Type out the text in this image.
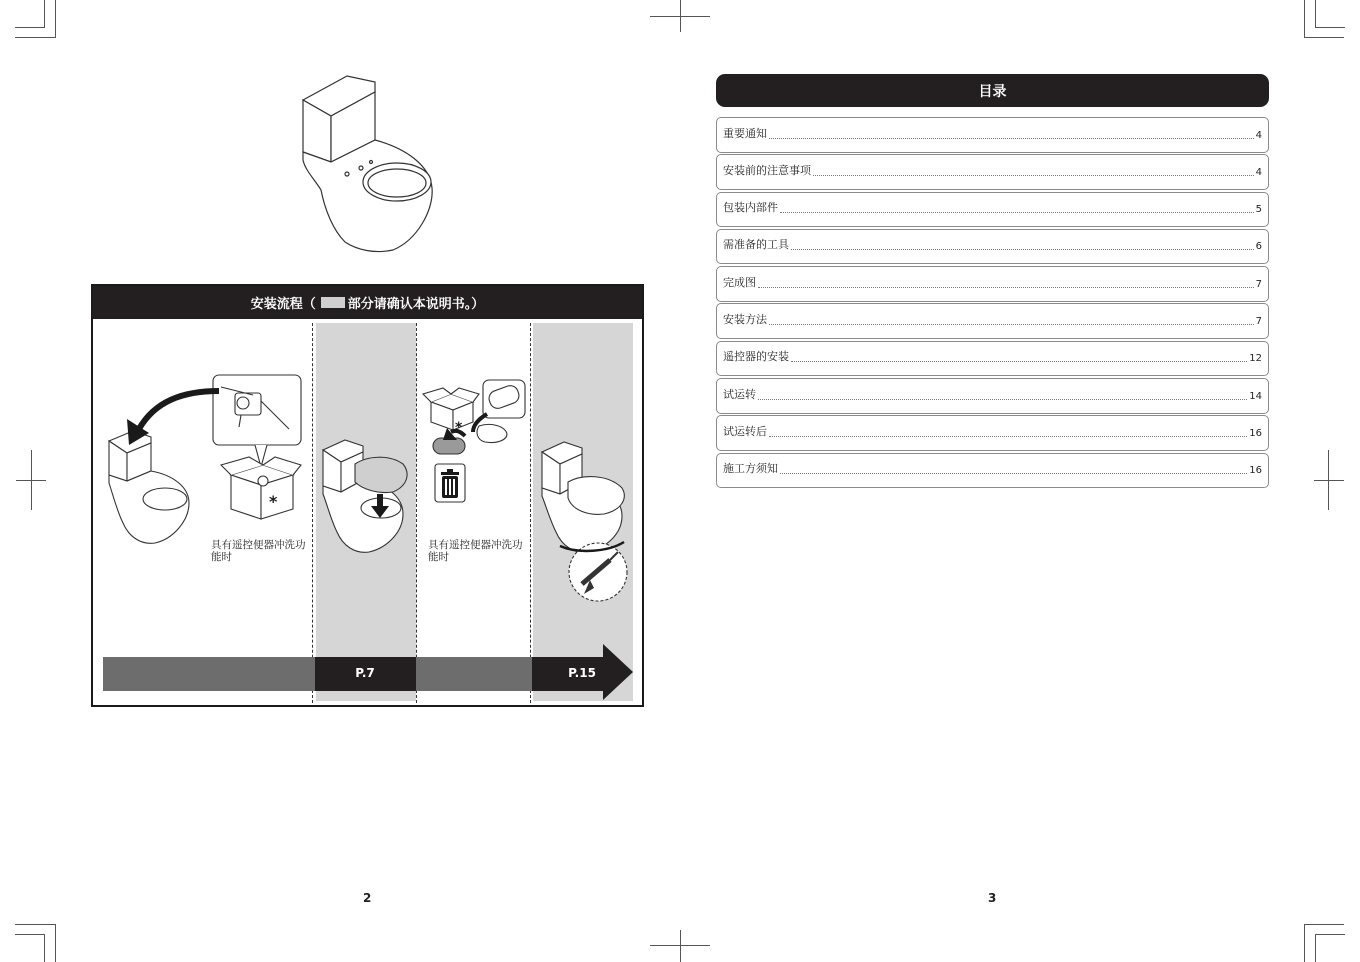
安装流程 （ 部分请确认本说明书。）
*
具有遥控便器冲洗功能时
*
具有遥控便器冲洗功能时
P.7	P.15
2
目录
重要通知	4
安装前的注意事项	4
包装内部件	5
需准备的工具	6
完成图	7
安装方法	7
遥控器的安装	12
试运转	14
试运转后	16
施工方须知	16
3
